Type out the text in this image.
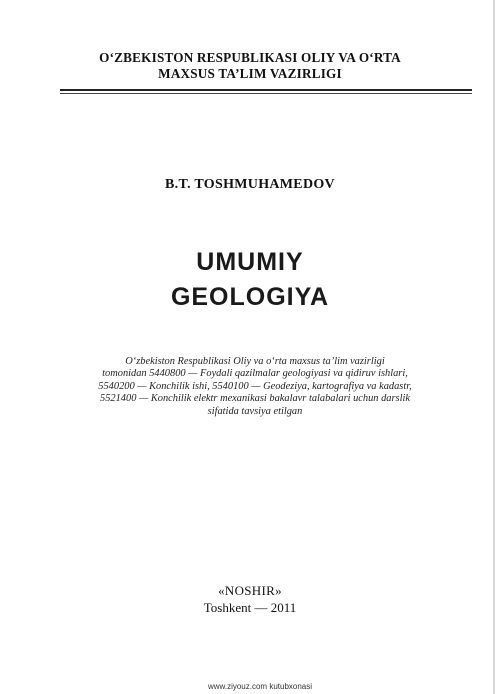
O‘ZBEKISTON RESPUBLIKASI OLIY VA O‘RTA
MAXSUS TA’LIM VAZIRLIGI
B.T. TOSHMUHAMEDOV
UMUMIY
GEOLOGIYA
O‘zbekiston Respublikasi Oliy va o‘rta maxsus ta’lim vazirligi
tomonidan 5440800 — Foydali qazilmalar geologiyasi va qidiruv ishlari,
5540200 — Konchilik ishi, 5540100 — Geodeziya, kartografiya va kadastr,
5521400 — Konchilik elektr mexanikasi bakalavr talabalari uchun darslik
sifatida tavsiya etilgan
«NOSHIR»
Toshkent — 2011
www.ziyouz.com kutubxonasi
